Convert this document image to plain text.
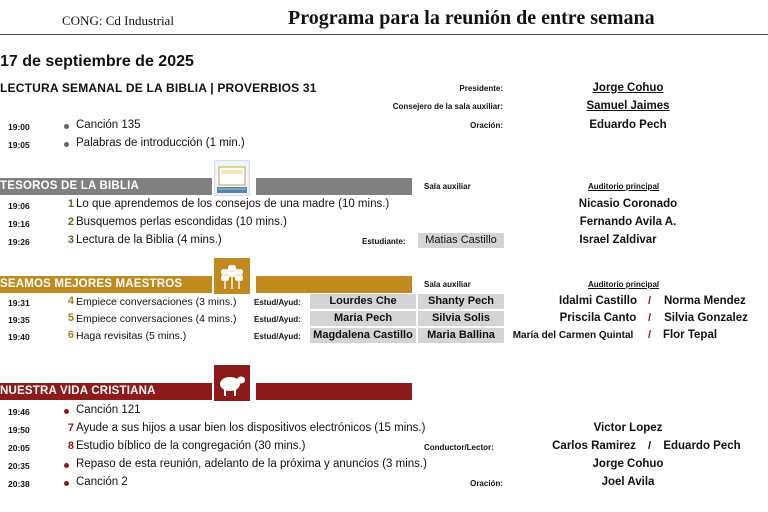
CONG: Cd Industrial	Programa para la reunión de entre semana
17 de septiembre de 2025
LECTURA SEMANAL DE LA BIBLIA | PROVERBIOS 31	Presidente:	Jorge Cohuo
Consejero de la sala auxiliar:	Samuel Jaimes
Oración:	Eduardo Pech
19:00	Canción 135
19:05	Palabras de introducción (1 min.)
TESOROS DE LA BIBLIA	Sala auxiliar	Auditorio principal
19:06	1 Lo que aprendemos de los consejos de una madre (10 mins.)	Nicasio Coronado
19:16	2 Busquemos perlas escondidas (10 mins.)	Fernando Avila A.
19:26	3 Lectura de la Biblia (4 mins.)	Estudiante:	Matias Castillo	Israel Zaldivar
SEAMOS MEJORES MAESTROS	Sala auxiliar	Auditorio principal
19:31	4 Empiece conversaciones (3 mins.) Estud/Ayud:	Lourdes Che	Shanty Pech	Idalmi Castillo	/ Norma Mendez
19:35	5 Empiece conversaciones (4 mins.) Estud/Ayud:	Maria Pech	Silvia Solis	Priscila Canto	/ Silvia Gonzalez
19:40	6 Haga revisitas (5 mins.)	Estud/Ayud: Magdalena Castillo	Maria Ballina	María del Carmen Quintal	/ Flor Tepal
NUESTRA VIDA CRISTIANA
19:46	Canción 121
19:50	7 Ayude a sus hijos a usar bien los dispositivos electrónicos (15 mins.)	Victor Lopez
20:05	8 Estudio bíblico de la congregación (30 mins.)	Conductor/Lector:	Carlos Ramirez	/ Eduardo Pech
20:35	Repaso de esta reunión, adelanto de la próxima y anuncios (3 mins.)	Jorge Cohuo
20:38	Canción 2	Oración:	Joel Avila
